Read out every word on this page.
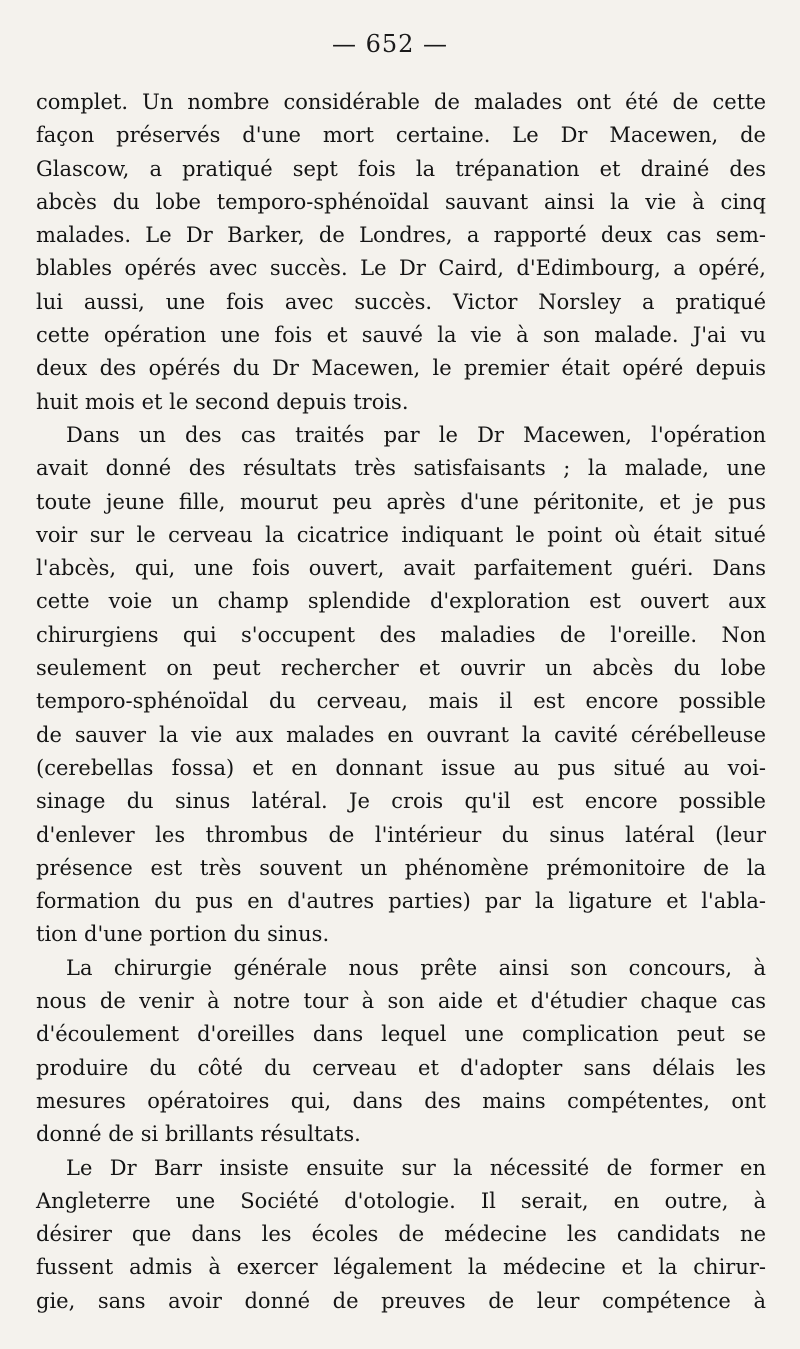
— 652 —

complet. Un nombre considérable de malades ont été de cette
façon préservés d'une mort certaine. Le Dr Macewen, de
Glascow, a pratiqué sept fois la trépanation et drainé des
abcès du lobe temporo-sphénoïdal sauvant ainsi la vie à cinq
malades. Le Dr Barker, de Londres, a rapporté deux cas sem-
blables opérés avec succès. Le Dr Caird, d'Edimbourg, a opéré,
lui aussi, une fois avec succès. Victor Norsley a pratiqué
cette opération une fois et sauvé la vie à son malade. J'ai vu
deux des opérés du Dr Macewen, le premier était opéré depuis
huit mois et le second depuis trois.

Dans un des cas traités par le Dr Macewen, l'opération
avait donné des résultats très satisfaisants ; la malade, une
toute jeune fille, mourut peu après d'une péritonite, et je pus
voir sur le cerveau la cicatrice indiquant le point où était situé
l'abcès, qui, une fois ouvert, avait parfaitement guéri. Dans
cette voie un champ splendide d'exploration est ouvert aux
chirurgiens qui s'occupent des maladies de l'oreille. Non
seulement on peut rechercher et ouvrir un abcès du lobe
temporo-sphénoïdal du cerveau, mais il est encore possible
de sauver la vie aux malades en ouvrant la cavité cérébelleuse
(cerebellas fossa) et en donnant issue au pus situé au voi-
sinage du sinus latéral. Je crois qu'il est encore possible
d'enlever les thrombus de l'intérieur du sinus latéral (leur
présence est très souvent un phénomène prémonitoire de la
formation du pus en d'autres parties) par la ligature et l'abla-
tion d'une portion du sinus.

La chirurgie générale nous prête ainsi son concours, à
nous de venir à notre tour à son aide et d'étudier chaque cas
d'écoulement d'oreilles dans lequel une complication peut se
produire du côté du cerveau et d'adopter sans délais les
mesures opératoires qui, dans des mains compétentes, ont
donné de si brillants résultats.

Le Dr Barr insiste ensuite sur la nécessité de former en
Angleterre une Société d'otologie. Il serait, en outre, à
désirer que dans les écoles de médecine les candidats ne
fussent admis à exercer légalement la médecine et la chirur-
gie, sans avoir donné de preuves de leur compétence à
